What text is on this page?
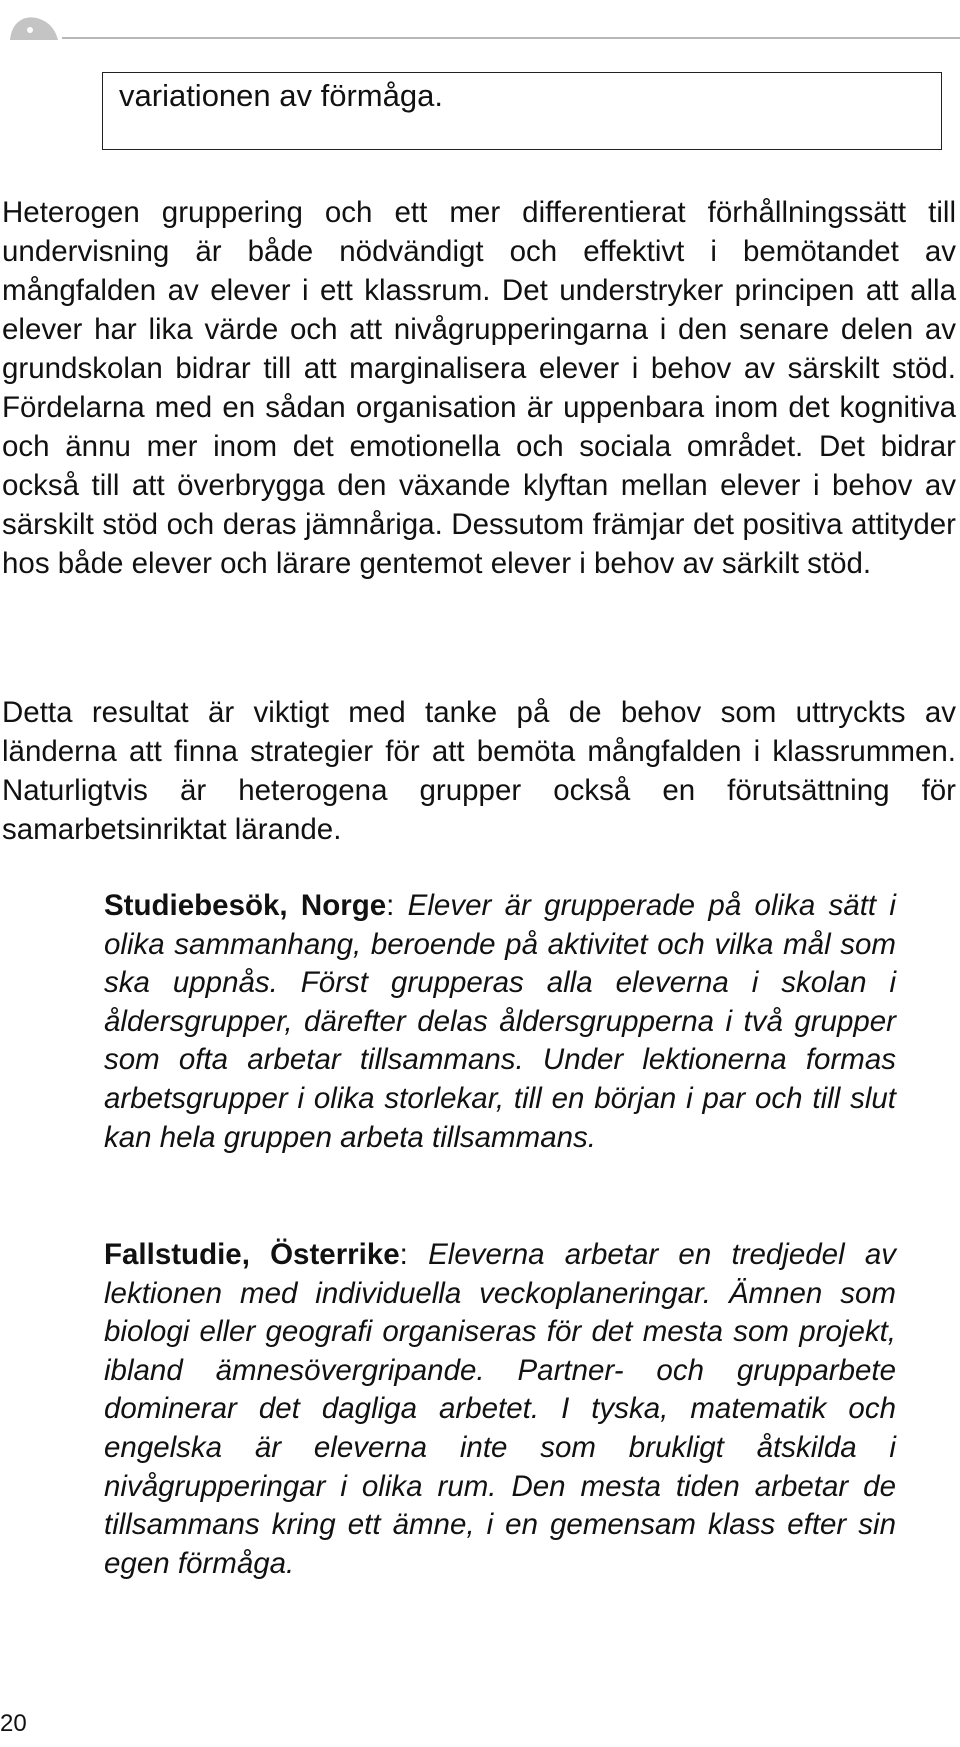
variationen av förmåga.

Heterogen gruppering och ett mer differentierat förhållningssätt till undervisning är både nödvändigt och effektivt i bemötandet av mångfalden av elever i ett klassrum. Det understryker principen att alla elever har lika värde och att nivågrupperingarna i den senare delen av grundskolan bidrar till att marginalisera elever i behov av särskilt stöd. Fördelarna med en sådan organisation är uppenbara inom det kognitiva och ännu mer inom det emotionella och sociala området. Det bidrar också till att överbrygga den växande klyftan mellan elever i behov av särskilt stöd och deras jämnåriga. Dessutom främjar det positiva attityder hos både elever och lärare gentemot elever i behov av särkilt stöd.

Detta resultat är viktigt med tanke på de behov som uttryckts av länderna att finna strategier för att bemöta mångfalden i klassrummen. Naturligtvis är heterogena grupper också en förutsättning för samarbetsinriktat lärande.

Studiebesök, Norge: Elever är grupperade på olika sätt i olika sammanhang, beroende på aktivitet och vilka mål som ska uppnås. Först grupperas alla eleverna i skolan i åldersgrupper, därefter delas åldersgrupperna i två grupper som ofta arbetar tillsammans. Under lektionerna formas arbetsgrupper i olika storlekar, till en början i par och till slut kan hela gruppen arbeta tillsammans.

Fallstudie, Österrike: Eleverna arbetar en tredjedel av lektionen med individuella veckoplaneringar. Ämnen som biologi eller geografi organiseras för det mesta som projekt, ibland ämnesövergripande. Partner- och grupparbete dominerar det dagliga arbetet. I tyska, matematik och engelska är eleverna inte som brukligt åtskilda i nivågrupperingar i olika rum. Den mesta tiden arbetar de tillsammans kring ett ämne, i en gemensam klass efter sin egen förmåga.

20
